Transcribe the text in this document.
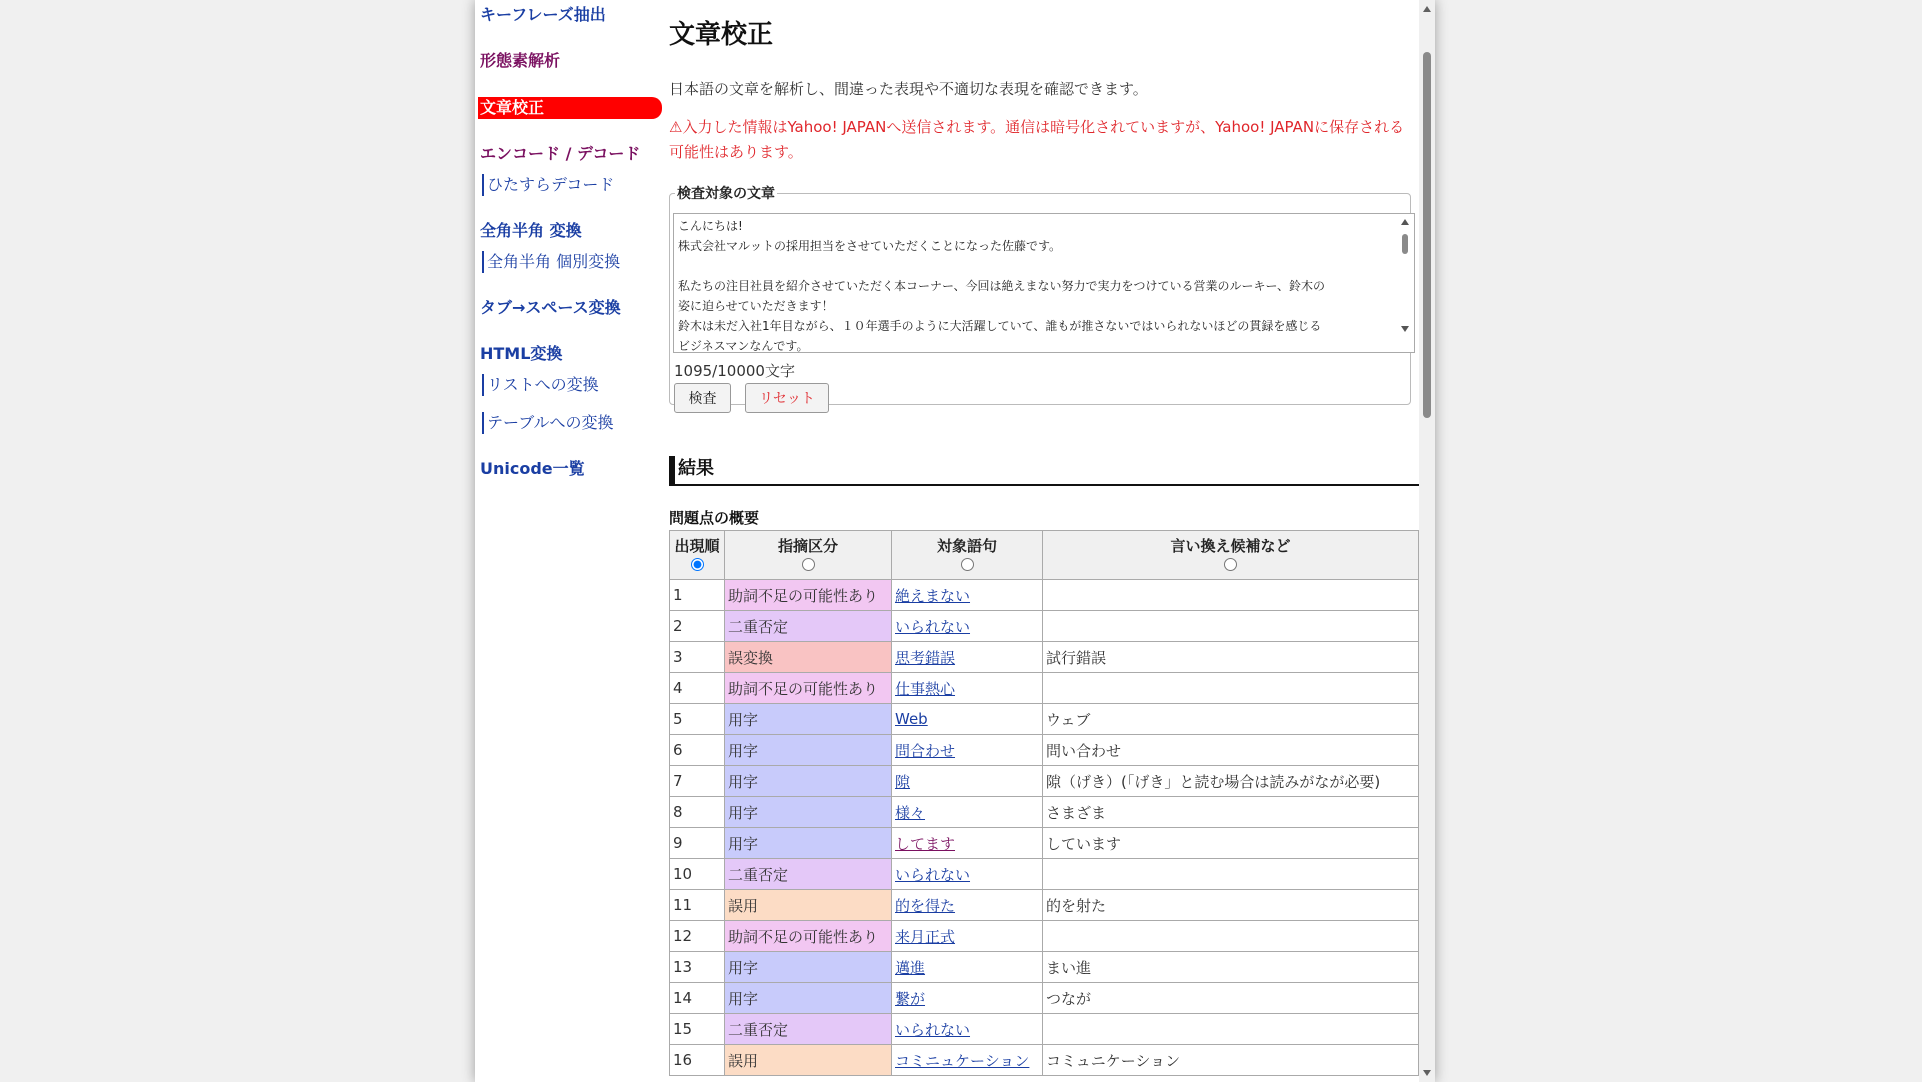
キーフレーズ抽出
形態素解析
文章校正
エンコード / デコード
ひたすらデコード
全角半角 変換
全角半角 個別変換
タブ→スペース変換
HTML変換
リストへの変換
テーブルへの変換
Unicode一覧
文章校正
日本語の文章を解析し、間違った表現や不適切な表現を確認できます。
⚠入力した情報はYahoo! JAPANへ送信されます。通信は暗号化されていますが、Yahoo! JAPANに保存される可能性はあります。
検査対象の文章

こんにちは!

株式会社マルットの採用担当をさせていただくことになった佐藤です。

私たちの注目社員を紹介させていただく本コーナー、今回は絶えまない努力で実力をつけている営業のルーキー、鈴木の

姿に迫らせていただきます！

鈴木は未だ入社1年目ながら、１０年選手のように大活躍していて、誰もが推さないではいられないほどの貫録を感じる

ビジネスマンなんです。

1095/10000文字
検査	リセット
結果
問題点の概要
出現順	指摘区分	対象語句	言い換え候補など

1	助詞不足の可能性あり	絶えまない	
2	二重否定	いられない	
3	誤変換	思考錯誤	試行錯誤
4	助詞不足の可能性あり	仕事熱心	
5	用字	Web	ウェブ
6	用字	問合わせ	問い合わせ
7	用字	隙	隙（げき）(「げき」と読む場合は読みがなが必要)
8	用字	様々	さまざま
9	用字	してます	しています
10	二重否定	いられない	
11	誤用	的を得た	的を射た
12	助詞不足の可能性あり	来月正式	
13	用字	邁進	まい進
14	用字	繋が	つなが
15	二重否定	いられない	
16	誤用	コミニュケーション	コミュニケーション
